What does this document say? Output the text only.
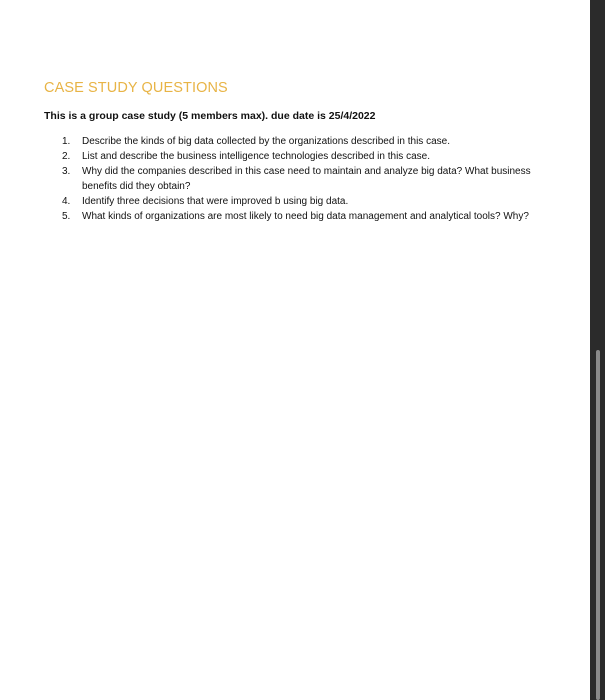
CASE STUDY QUESTIONS
This is a group case study (5 members max). due date is 25/4/2022
1. Describe the kinds of big data collected by the organizations described in this case.
2. List and describe the business intelligence technologies described in this case.
3. Why did the companies described in this case need to maintain and analyze big data? What business benefits did they obtain?
4. Identify three decisions that were improved b using big data.
5. What kinds of organizations are most likely to need big data management and analytical tools? Why?
